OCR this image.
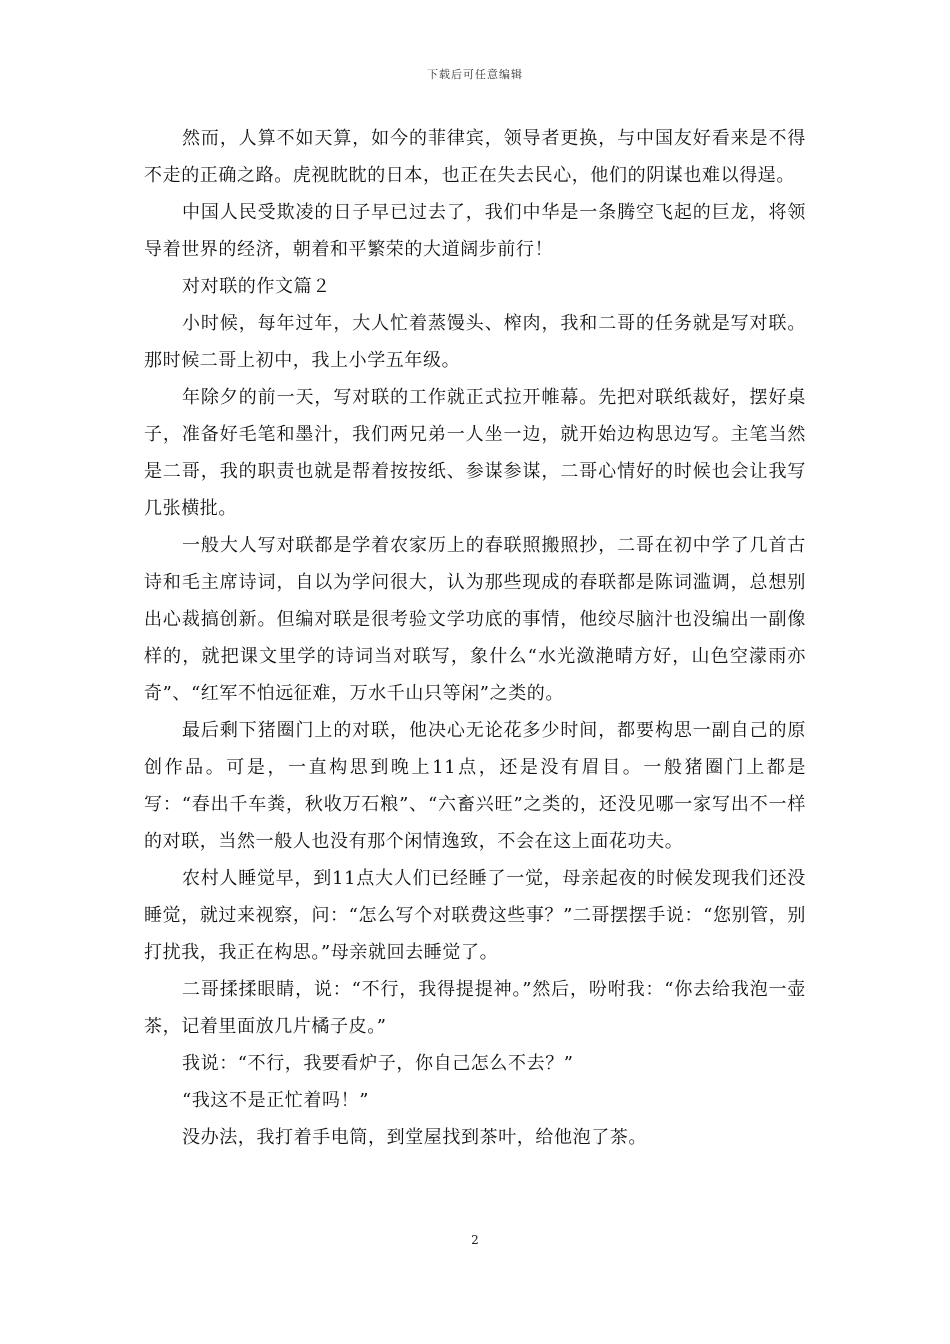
下载后可任意编辑

然而，人算不如天算，如今的菲律宾，领导者更换，与中国友好看来是不得不走的正确之路。虎视眈眈的日本，也正在失去民心，他们的阴谋也难以得逞。

中国人民受欺凌的日子早已过去了，我们中华是一条腾空飞起的巨龙，将领导着世界的经济，朝着和平繁荣的大道阔步前行！

对对联的作文篇２

小时候，每年过年，大人忙着蒸馒头、榨肉，我和二哥的任务就是写对联。那时候二哥上初中，我上小学五年级。

年除夕的前一天，写对联的工作就正式拉开帷幕。先把对联纸裁好，摆好桌子，准备好毛笔和墨汁，我们两兄弟一人坐一边，就开始边构思边写。主笔当然是二哥，我的职责也就是帮着按按纸、参谋参谋，二哥心情好的时候也会让我写几张横批。

一般大人写对联都是学着农家历上的春联照搬照抄，二哥在初中学了几首古诗和毛主席诗词，自以为学问很大，认为那些现成的春联都是陈词滥调，总想别出心裁搞创新。但编对联是很考验文学功底的事情，他绞尽脑汁也没编出一副像样的，就把课文里学的诗词当对联写，象什么“水光潋滟晴方好，山色空濛雨亦奇”、“红军不怕远征难，万水千山只等闲”之类的。

最后剩下猪圈门上的对联，他决心无论花多少时间，都要构思一副自己的原创作品。可是，一直构思到晚上11点，还是没有眉目。一般猪圈门上都是写：“春出千车粪，秋收万石粮”、“六畜兴旺”之类的，还没见哪一家写出不一样的对联，当然一般人也没有那个闲情逸致，不会在这上面花功夫。

农村人睡觉早，到11点大人们已经睡了一觉，母亲起夜的时候发现我们还没睡觉，就过来视察，问：“怎么写个对联费这些事？”二哥摆摆手说：“您别管，别打扰我，我正在构思。”母亲就回去睡觉了。

二哥揉揉眼睛，说：“不行，我得提提神。”然后，吩咐我：“你去给我泡一壶茶，记着里面放几片橘子皮。”

我说：“不行，我要看炉子，你自己怎么不去？”

“我这不是正忙着吗！”

没办法，我打着手电筒，到堂屋找到茶叶，给他泡了茶。

2
